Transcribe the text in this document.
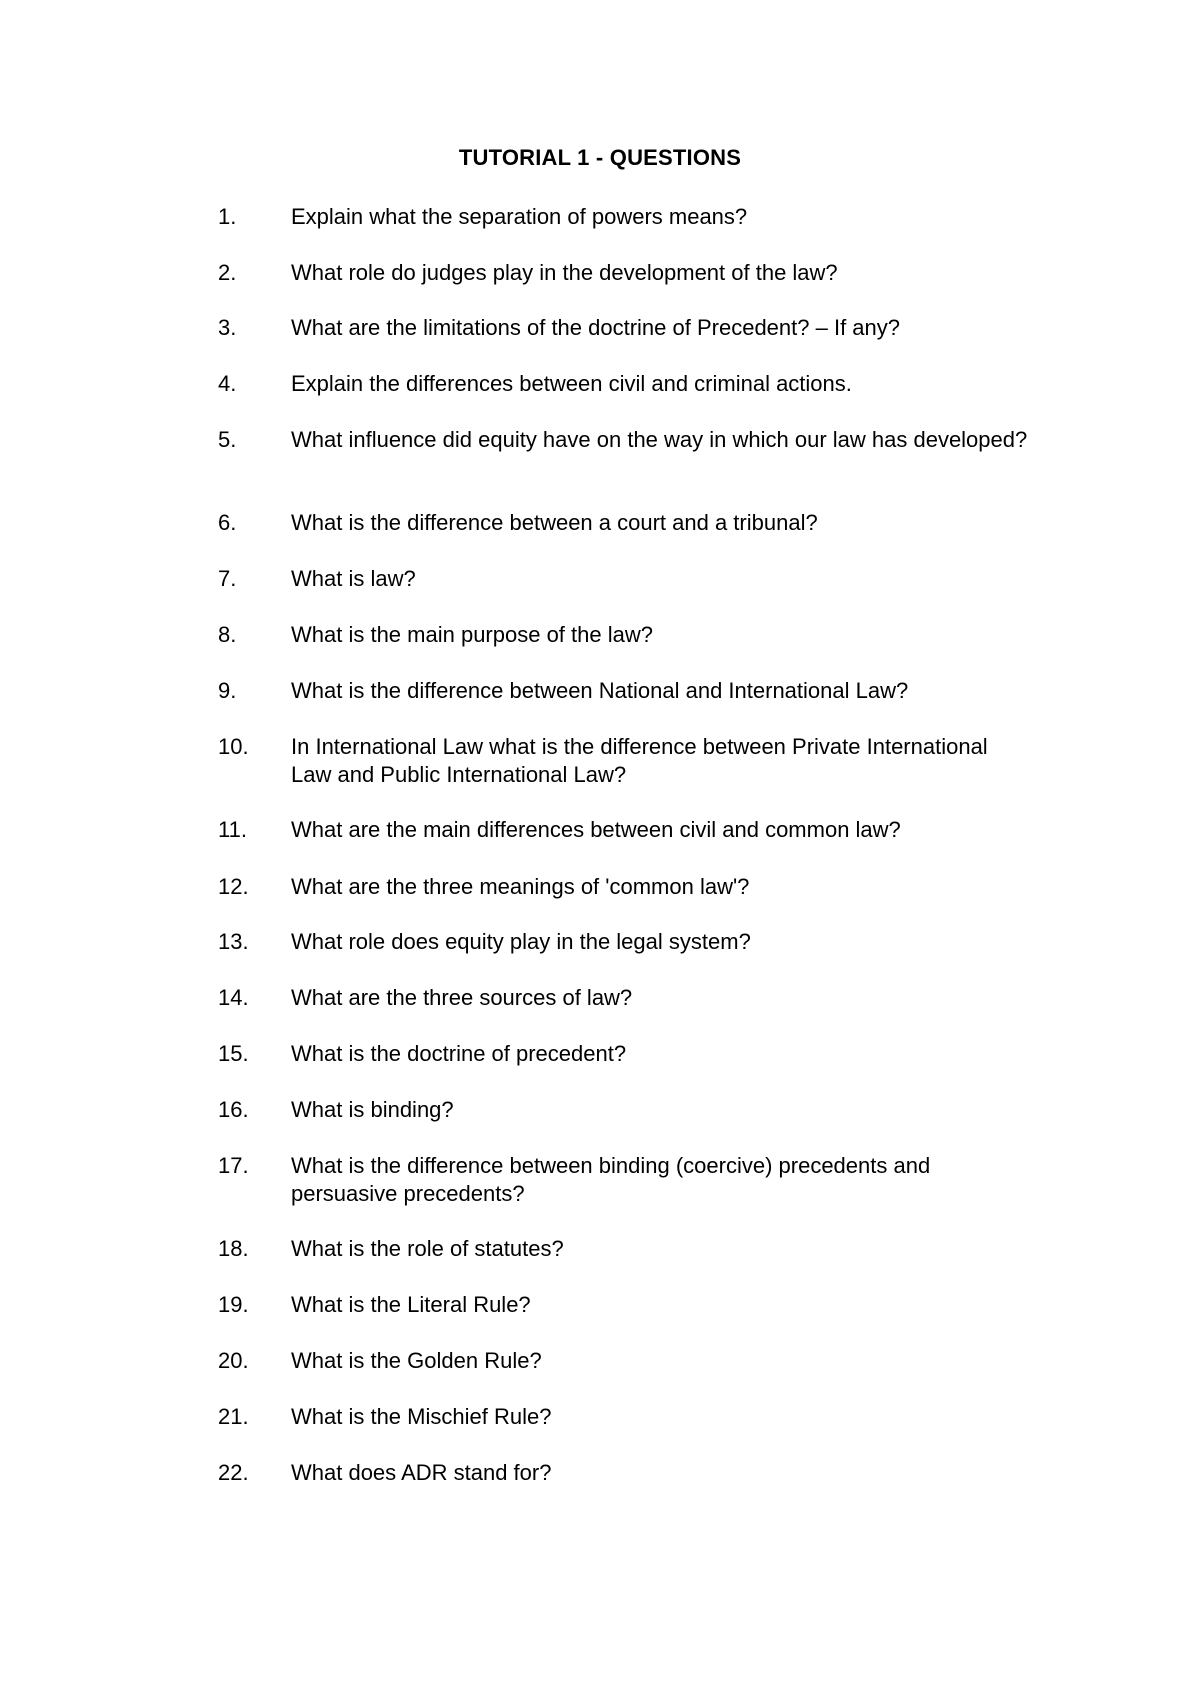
TUTORIAL 1 - QUESTIONS
1.	Explain what the separation of powers means?
2.	What role do judges play in the development of the law?
3.	What are the limitations of the doctrine of Precedent? – If any?
4.	Explain the differences between civil and criminal actions.
5.	What influence did equity have on the way in which our law has developed?
6.	What is the difference between a court and a tribunal?
7.	What is law?
8.	What is the main purpose of the law?
9.	What is the difference between National and International Law?
10.	In International Law what is the difference between Private International Law and Public International Law?
11.	What are the main differences between civil and common law?
12.	What are the three meanings of 'common law'?
13.	What role does equity play in the legal system?
14.	What are the three sources of law?
15.	What is the doctrine of precedent?
16.	What is binding?
17.	What is the difference between binding (coercive) precedents and persuasive precedents?
18.	What is the role of statutes?
19.	What is the Literal Rule?
20.	What is the Golden Rule?
21.	What is the Mischief Rule?
22.	What does ADR stand for?
